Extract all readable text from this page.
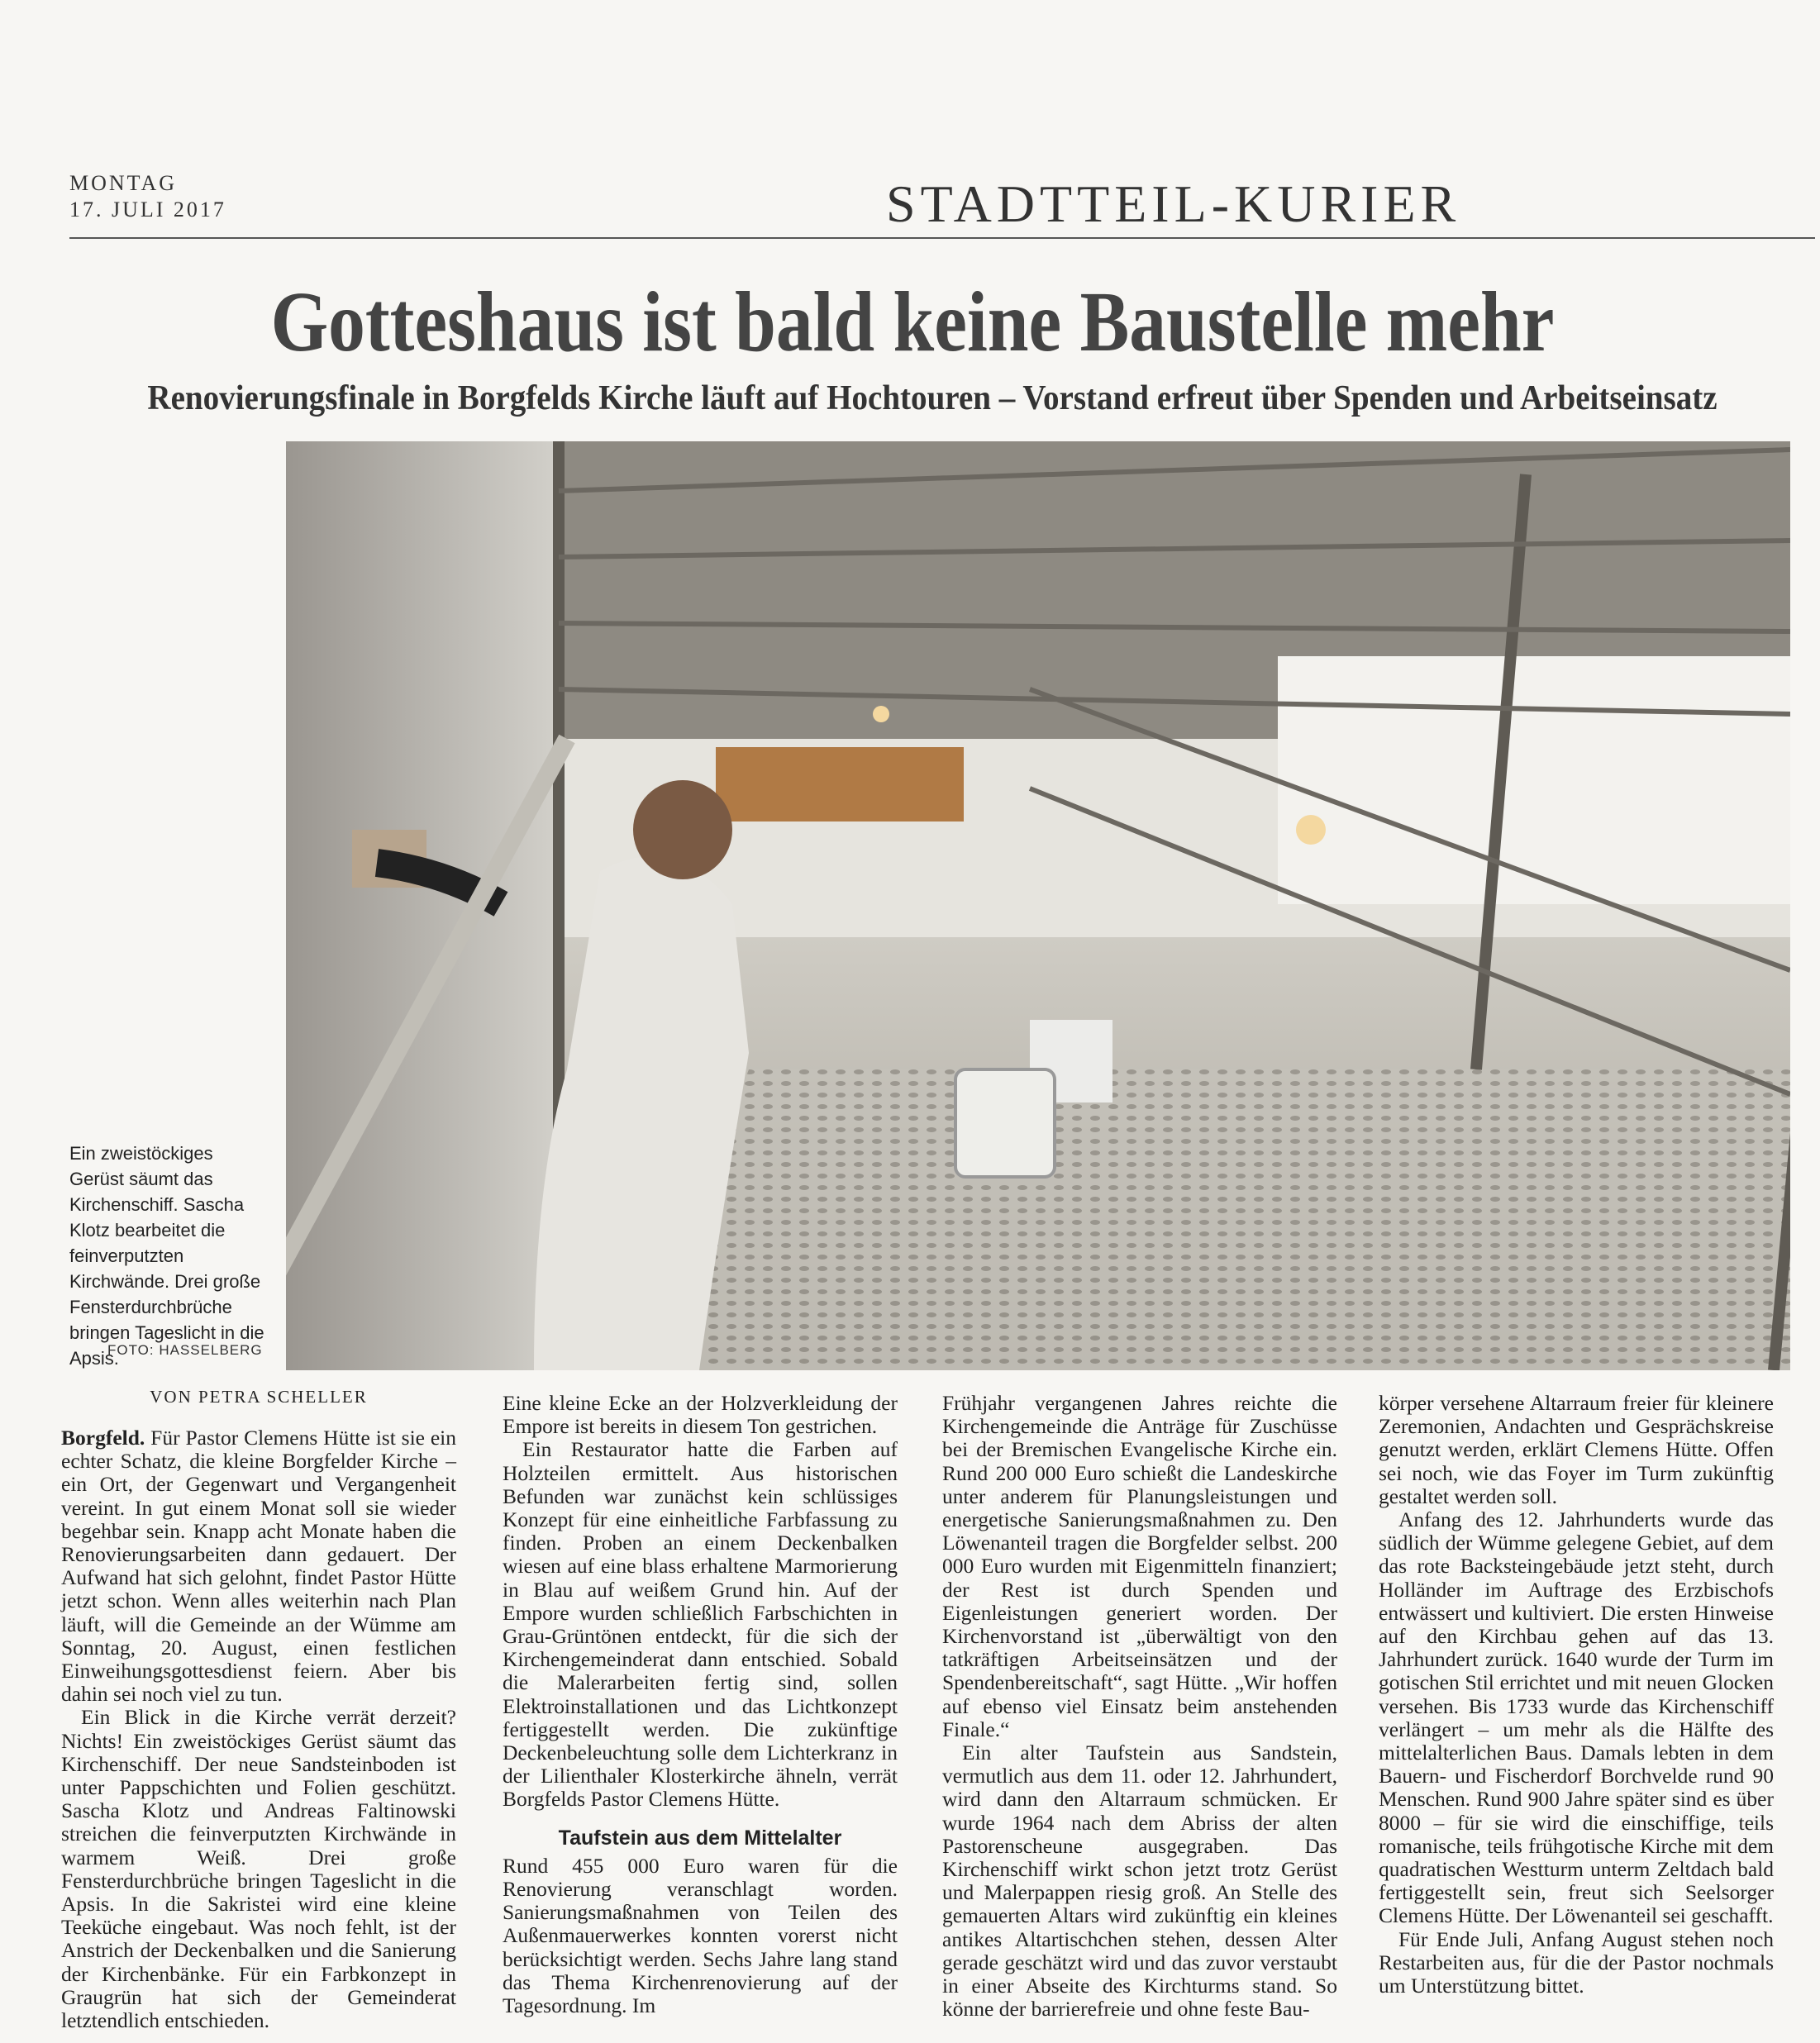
MONTAG
17. JULI 2017	STADTTEIL-KURIER
Gotteshaus ist bald keine Baustelle mehr
Renovierungsfinale in Borgfelds Kirche läuft auf Hochtouren – Vorstand erfreut über Spenden und Arbeitseinsatz
Ein zweistöckiges Gerüst säumt das Kirchenschiff. Sascha Klotz bearbeitet die feinverputzten Kirchwände. Drei große Fensterdurchbrüche bringen Tageslicht in die Apsis.
FOTO: HASSELBERG
VON PETRA SCHELLER

Borgfeld. Für Pastor Clemens Hütte ist sie ein echter Schatz, die kleine Borgfelder Kirche – ein Ort, der Gegenwart und Vergangenheit vereint. In gut einem Monat soll sie wieder begehbar sein. Knapp acht Monate haben die Renovierungsarbeiten dann gedauert. Der Aufwand hat sich gelohnt, findet Pastor Hütte jetzt schon. Wenn alles weiterhin nach Plan läuft, will die Gemeinde an der Wümme am Sonntag, 20. August, einen festlichen Einweihungsgottesdienst feiern. Aber bis dahin sei noch viel zu tun.

Ein Blick in die Kirche verrät derzeit? Nichts! Ein zweistöckiges Gerüst säumt das Kirchenschiff. Der neue Sandsteinboden ist unter Pappschichten und Folien geschützt. Sascha Klotz und Andreas Faltinowski streichen die feinverputzten Kirchwände in warmem Weiß. Drei große Fensterdurchbrüche bringen Tageslicht in die Apsis. In die Sakristei wird eine kleine Teeküche eingebaut. Was noch fehlt, ist der Anstrich der Deckenbalken und die Sanierung der Kirchenbänke. Für ein Farbkonzept in Graugrün hat sich der Gemeinderat letztendlich entschieden.

Eine kleine Ecke an der Holzverkleidung der Empore ist bereits in diesem Ton gestrichen.

Ein Restaurator hatte die Farben auf Holzteilen ermittelt. Aus historischen Befunden war zunächst kein schlüssiges Konzept für eine einheitliche Farbfassung zu finden. Proben an einem Deckenbalken wiesen auf eine blass erhaltene Marmorierung in Blau auf weißem Grund hin. Auf der Empore wurden schließlich Farbschichten in Grau-Grüntönen entdeckt, für die sich der Kirchengemeinderat dann entschied. Sobald die Malerarbeiten fertig sind, sollen Elektroinstallationen und das Lichtkonzept fertiggestellt werden. Die zukünftige Deckenbeleuchtung solle dem Lichterkranz in der Lilienthaler Klosterkirche ähneln, verrät Borgfelds Pastor Clemens Hütte.

Taufstein aus dem Mittelalter

Rund 455 000 Euro waren für die Renovierung veranschlagt worden. Sanierungsmaßnahmen von Teilen des Außenmauerwerkes konnten vorerst nicht berücksichtigt werden. Sechs Jahre lang stand das Thema Kirchenrenovierung auf der Tagesordnung. Im

Frühjahr vergangenen Jahres reichte die Kirchengemeinde die Anträge für Zuschüsse bei der Bremischen Evangelische Kirche ein. Rund 200 000 Euro schießt die Landeskirche unter anderem für Planungsleistungen und energetische Sanierungsmaßnahmen zu. Den Löwenanteil tragen die Borgfelder selbst. 200 000 Euro wurden mit Eigenmitteln finanziert; der Rest ist durch Spenden und Eigenleistungen generiert worden. Der Kirchenvorstand ist „überwältigt von den tatkräftigen Arbeitseinsätzen und der Spendenbereitschaft“, sagt Hütte. „Wir hoffen auf ebenso viel Einsatz beim anstehenden Finale.“

Ein alter Taufstein aus Sandstein, vermutlich aus dem 11. oder 12. Jahrhundert, wird dann den Altarraum schmücken. Er wurde 1964 nach dem Abriss der alten Pastorenscheune ausgegraben. Das Kirchenschiff wirkt schon jetzt trotz Gerüst und Malerpappen riesig groß. An Stelle des gemauerten Altars wird zukünftig ein kleines antikes Altartischchen stehen, dessen Alter gerade geschätzt wird und das zuvor verstaubt in einer Abseite des Kirchturms stand. So könne der barrierefreie und ohne feste Bau-

körper versehene Altarraum freier für kleinere Zeremonien, Andachten und Gesprächskreise genutzt werden, erklärt Clemens Hütte. Offen sei noch, wie das Foyer im Turm zukünftig gestaltet werden soll.

Anfang des 12. Jahrhunderts wurde das südlich der Wümme gelegene Gebiet, auf dem das rote Backsteingebäude jetzt steht, durch Holländer im Auftrage des Erzbischofs entwässert und kultiviert. Die ersten Hinweise auf den Kirchbau gehen auf das 13. Jahrhundert zurück. 1640 wurde der Turm im gotischen Stil errichtet und mit neuen Glocken versehen. Bis 1733 wurde das Kirchenschiff verlängert – um mehr als die Hälfte des mittelalterlichen Baus. Damals lebten in dem Bauern- und Fischerdorf Borchvelde rund 90 Menschen. Rund 900 Jahre später sind es über 8000 – für sie wird die einschiffige, teils romanische, teils frühgotische Kirche mit dem quadratischen Westturm unterm Zeltdach bald fertiggestellt sein, freut sich Seelsorger Clemens Hütte. Der Löwenanteil sei geschafft.

Für Ende Juli, Anfang August stehen noch Restarbeiten aus, für die der Pastor nochmals um Unterstützung bittet.
